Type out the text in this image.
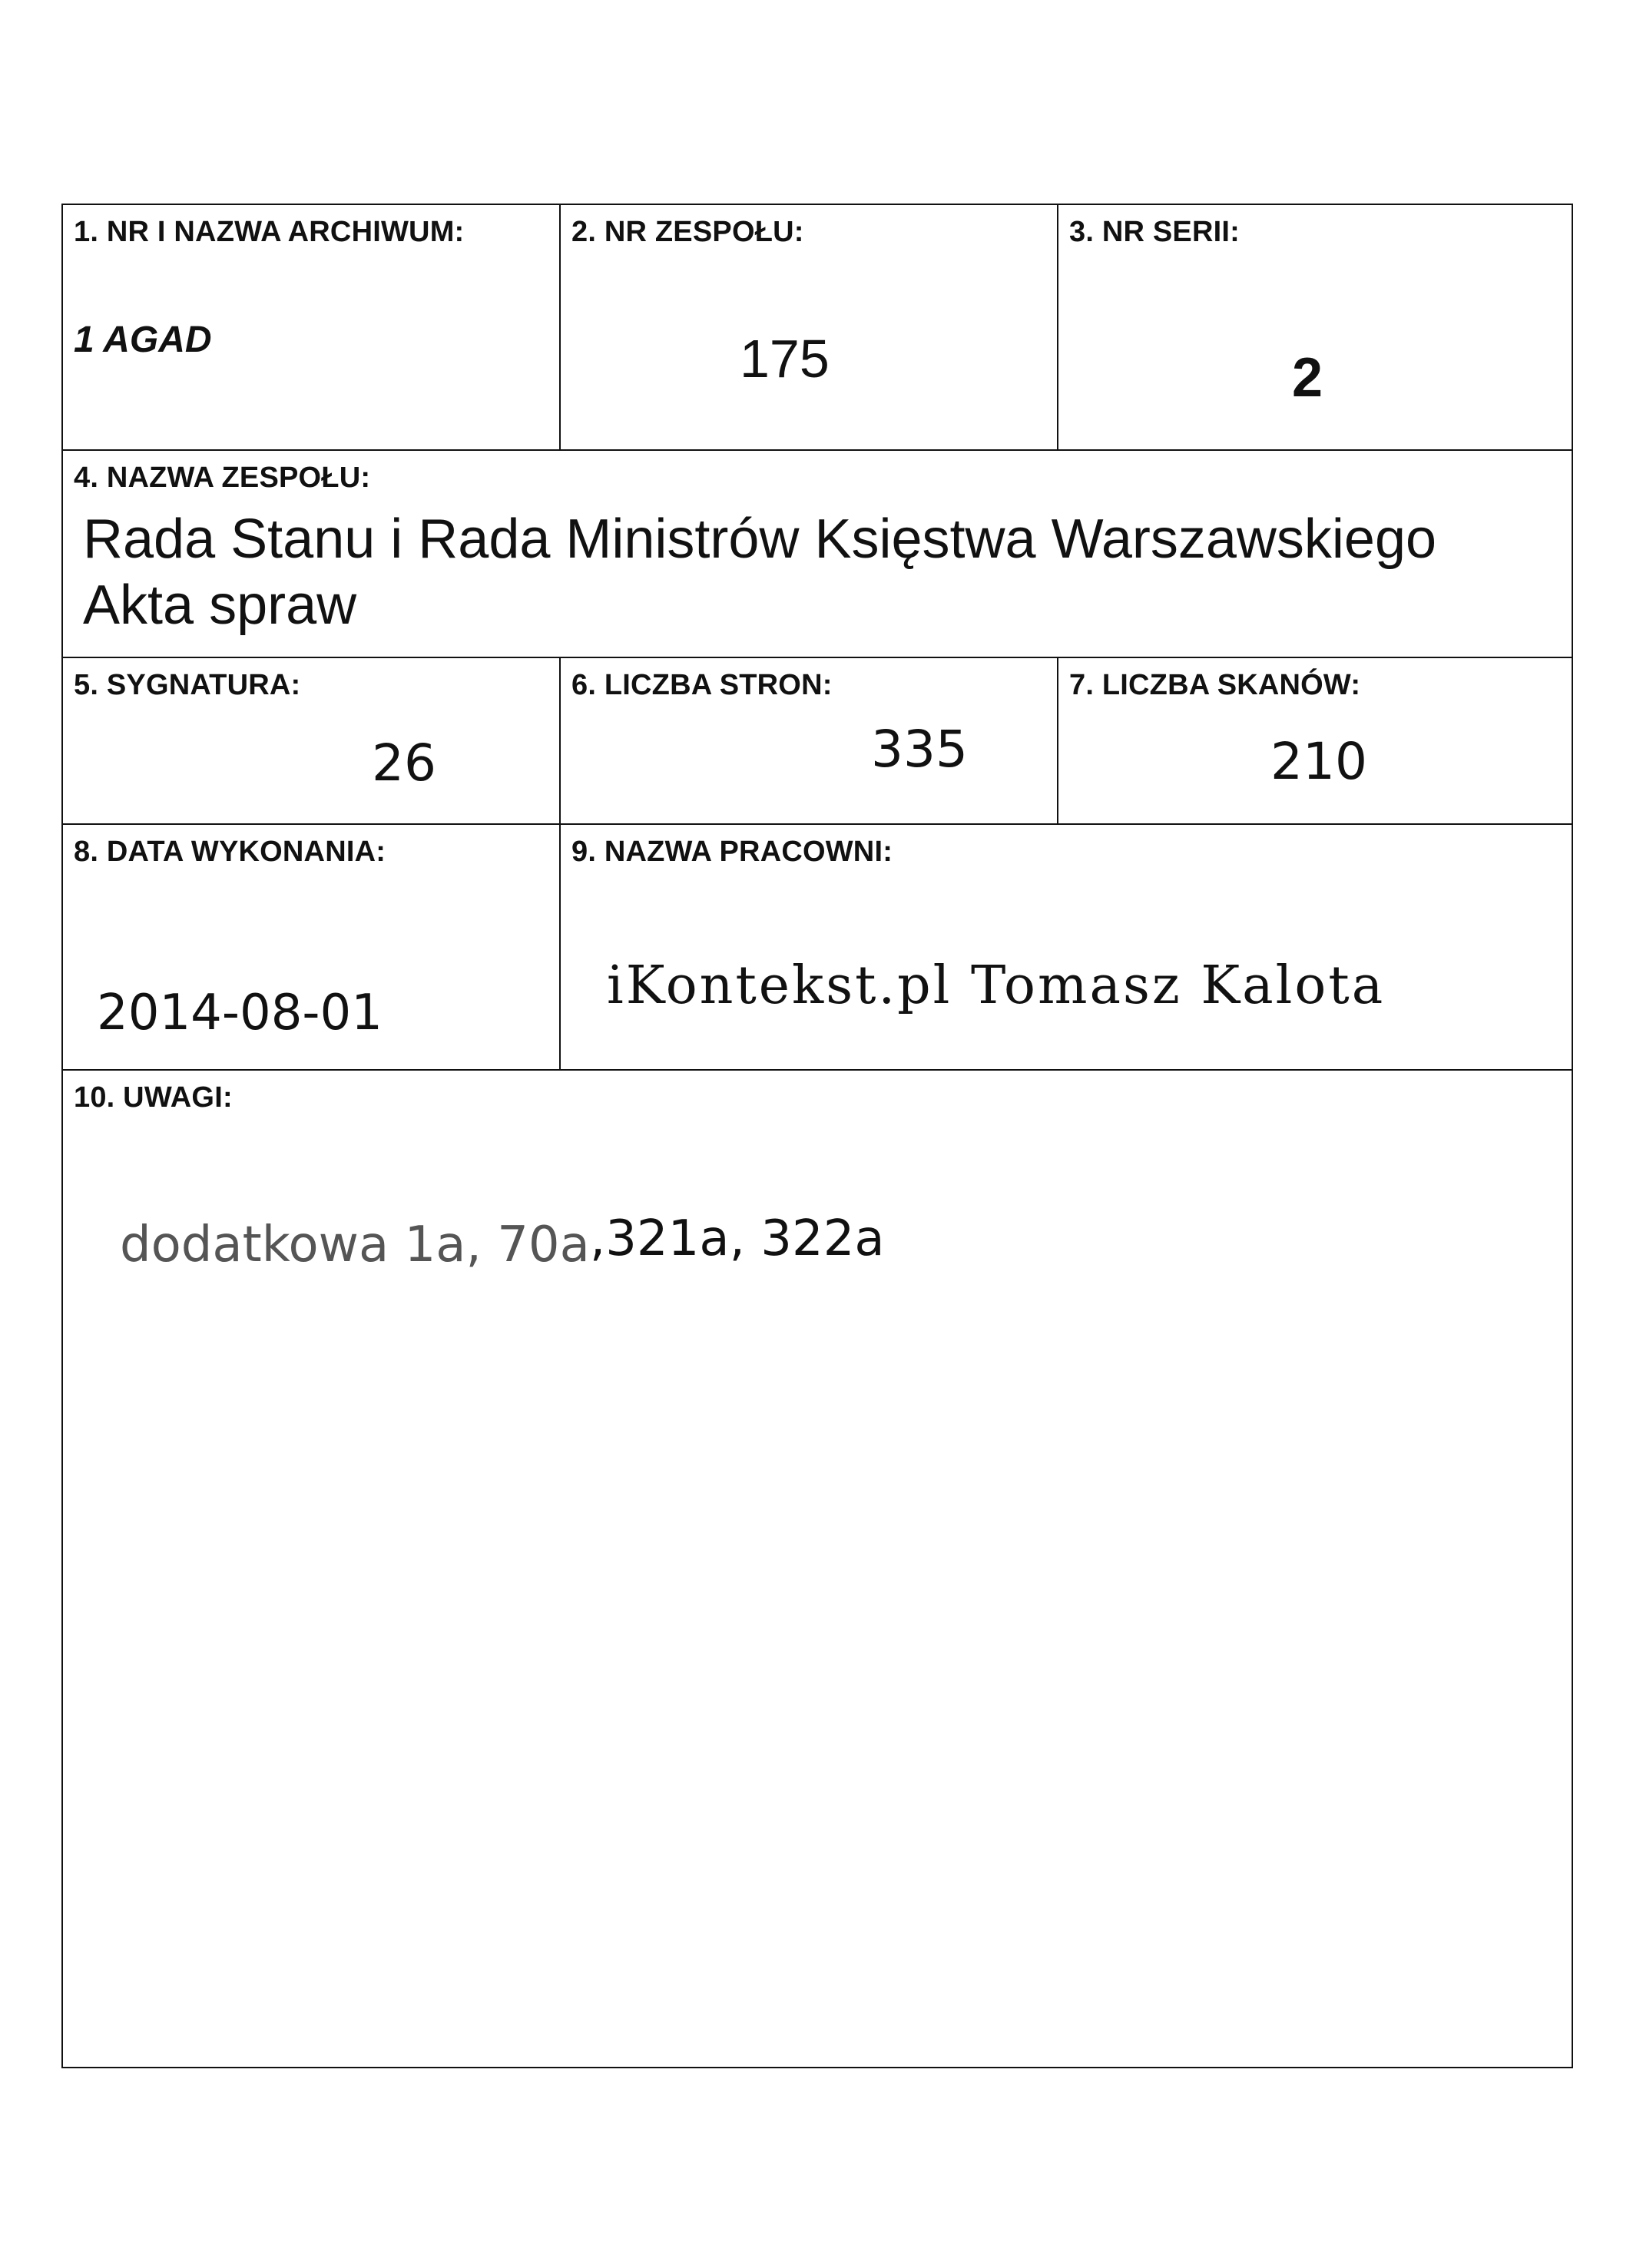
1. NR I NAZWA ARCHIWUM:
1 AGAD
2. NR ZESPOŁU:
175
3. NR SERII:
2
4. NAZWA ZESPOŁU:
Rada Stanu i Rada Ministrów Księstwa Warszawskiego
Akta spraw
5. SYGNATURA:
26
6. LICZBA STRON:
335
7. LICZBA SKANÓW:
210
8. DATA WYKONANIA:
2014-08-01
9. NAZWA PRACOWNI:
iKontekst.pl Tomasz Kalota
10. UWAGI:
dodatkowa 1a, 70a,321a, 322a
